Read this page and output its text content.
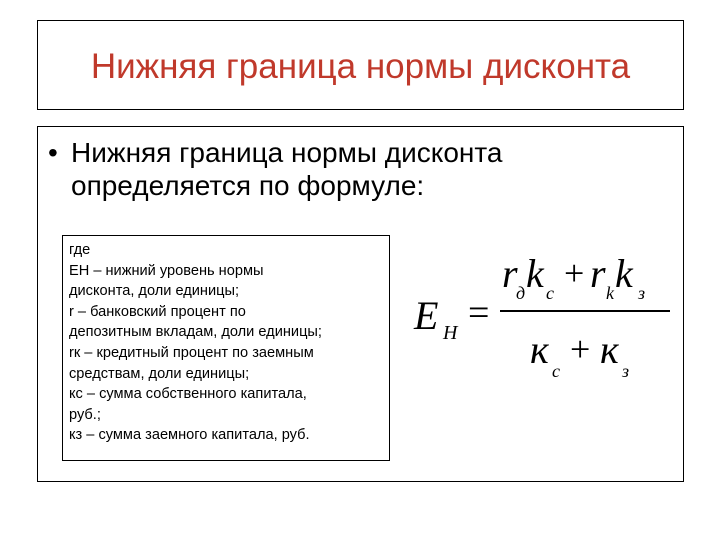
Нижняя граница нормы дисконта
• Нижняя граница нормы дисконта определяется по формуле:
где
ЕН – нижний уровень нормы
дисконта, доли единицы;
r – банковский процент по
депозитным вкладам, доли единицы;
rк – кредитный процент по заемным
средствам, доли единицы;
кс – сумма собственного капитала,
руб.;
кз – сумма заемного капитала, руб.
E Н =
r
д k c + r k k з
к c
+ к з
